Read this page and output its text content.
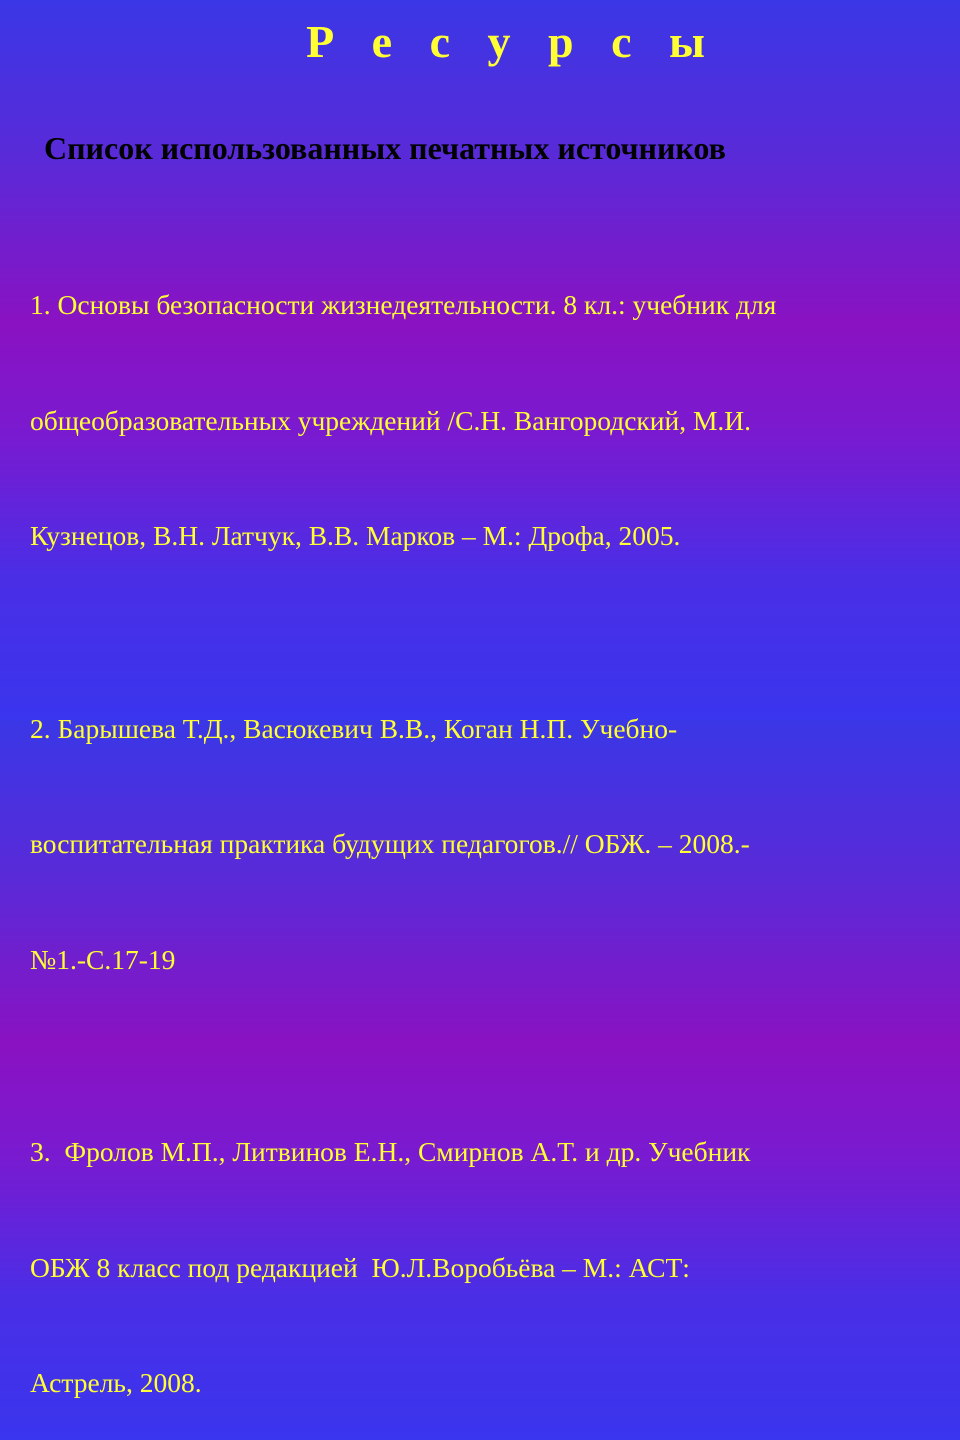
Р е с у р с ы
Список использованных печатных источников

1. Основы безопасности жизнедеятельности. 8 кл.: учебник для

общеобразовательных учреждений /С.Н. Вангородский, М.И.

Кузнецов, В.Н. Латчук, В.В. Марков – М.: Дрофа, 2005.

2. Барышева Т.Д., Васюкевич В.В., Коган Н.П. Учебно-

воспитательная практика будущих педагогов.// ОБЖ. – 2008.-

№1.-С.17-19

3.  Фролов М.П., Литвинов Е.Н., Смирнов А.Т. и др. Учебник

ОБЖ 8 класс под редакцией  Ю.Л.Воробьёва – М.: АСТ:

Астрель, 2008.
